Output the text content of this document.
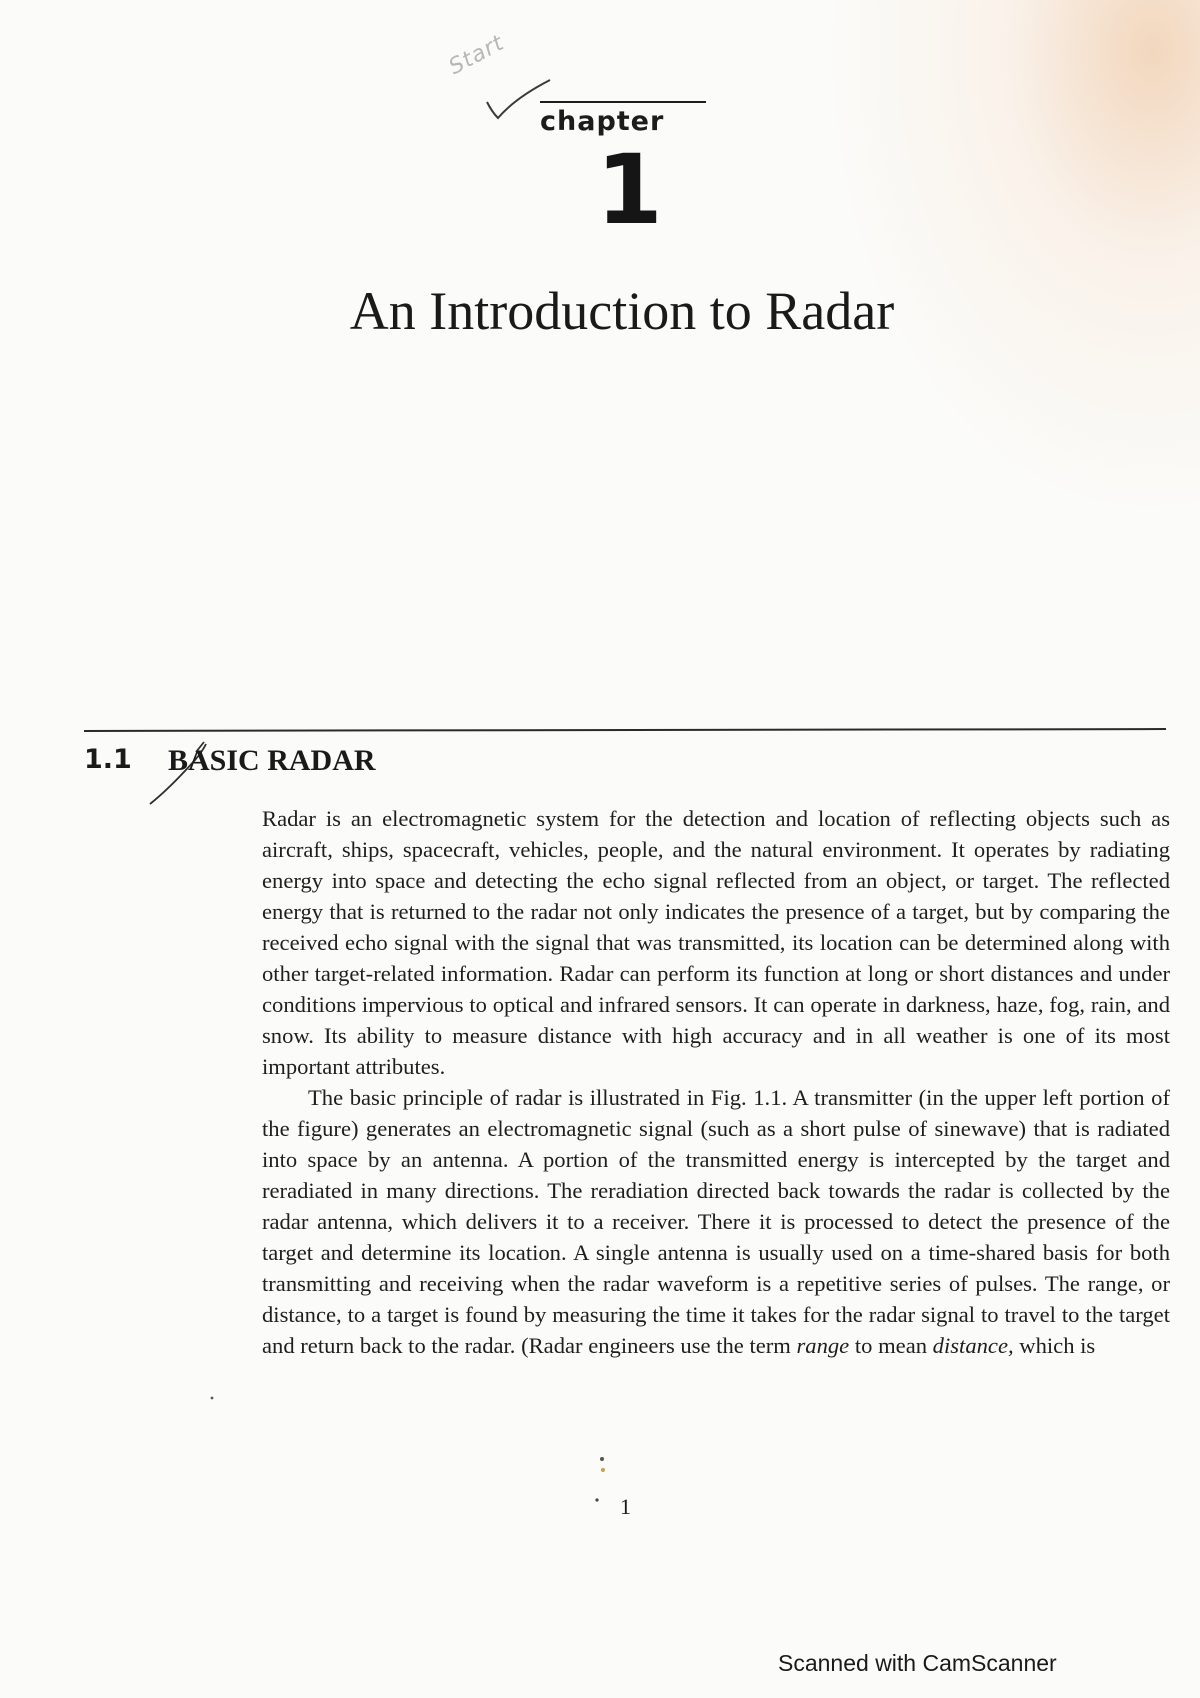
Start
chapter
1
An Introduction to Radar
1.1 BASIC RADAR

Radar is an electromagnetic system for the detection and location of reflecting objects such as aircraft, ships, spacecraft, vehicles, people, and the natural environment. It operates by radiating energy into space and detecting the echo signal reflected from an object, or target. The reflected energy that is returned to the radar not only indicates the presence of a target, but by comparing the received echo signal with the signal that was transmitted, its location can be determined along with other target-related information. Radar can perform its function at long or short distances and under conditions impervious to optical and infrared sensors. It can operate in darkness, haze, fog, rain, and snow. Its ability to measure distance with high accuracy and in all weather is one of its most important attributes.

The basic principle of radar is illustrated in Fig. 1.1. A transmitter (in the upper left portion of the figure) generates an electromagnetic signal (such as a short pulse of sinewave) that is radiated into space by an antenna. A portion of the transmitted energy is intercepted by the target and reradiated in many directions. The reradiation directed back towards the radar is collected by the radar antenna, which delivers it to a receiver. There it is processed to detect the presence of the target and determine its location. A single antenna is usually used on a time-shared basis for both transmitting and receiving when the radar waveform is a repetitive series of pulses. The range, or distance, to a target is found by measuring the time it takes for the radar signal to travel to the target and return back to the radar. (Radar engineers use the term range to mean distance, which is

1
Scanned with CamScanner
